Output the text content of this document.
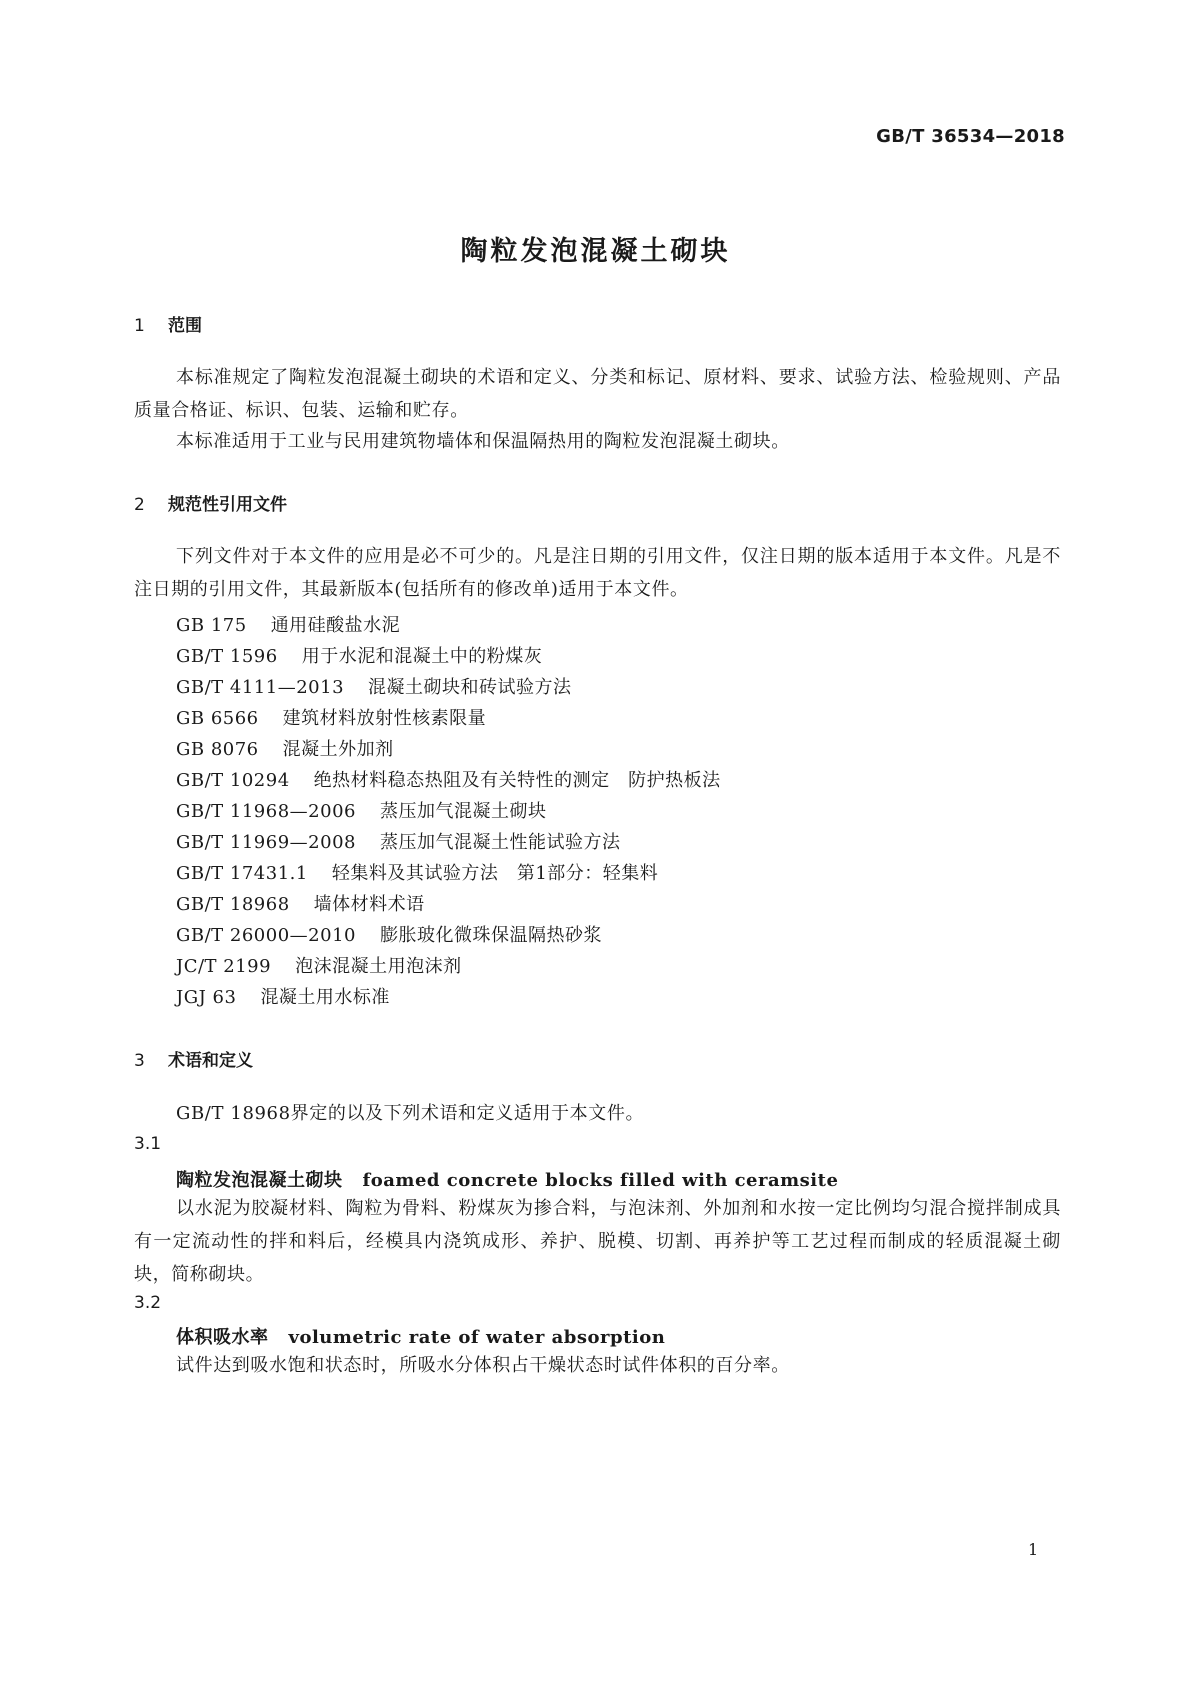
GB/T 36534—2018
陶粒发泡混凝土砌块
1 范围
本标准规定了陶粒发泡混凝土砌块的术语和定义、分类和标记、原材料、要求、试验方法、检验规则、产品质量合格证、标识、包装、运输和贮存。
本标准适用于工业与民用建筑物墙体和保温隔热用的陶粒发泡混凝土砌块。
2 规范性引用文件
下列文件对于本文件的应用是必不可少的。凡是注日期的引用文件，仅注日期的版本适用于本文件。凡是不注日期的引用文件，其最新版本(包括所有的修改单)适用于本文件。
GB 175 通用硅酸盐水泥
GB/T 1596 用于水泥和混凝土中的粉煤灰
GB/T 4111—2013 混凝土砌块和砖试验方法
GB 6566 建筑材料放射性核素限量
GB 8076 混凝土外加剂
GB/T 10294 绝热材料稳态热阻及有关特性的测定　防护热板法
GB/T 11968—2006 蒸压加气混凝土砌块
GB/T 11969—2008 蒸压加气混凝土性能试验方法
GB/T 17431.1 轻集料及其试验方法　第1部分：轻集料
GB/T 18968 墙体材料术语
GB/T 26000—2010 膨胀玻化微珠保温隔热砂浆
JC/T 2199 泡沫混凝土用泡沫剂
JGJ 63 混凝土用水标准
3 术语和定义
GB/T 18968界定的以及下列术语和定义适用于本文件。
3.1
陶粒发泡混凝土砌块 foamed concrete blocks filled with ceramsite
以水泥为胶凝材料、陶粒为骨料、粉煤灰为掺合料，与泡沫剂、外加剂和水按一定比例均匀混合搅拌制成具有一定流动性的拌和料后，经模具内浇筑成形、养护、脱模、切割、再养护等工艺过程而制成的轻质混凝土砌块，简称砌块。
3.2
体积吸水率 volumetric rate of water absorption
试件达到吸水饱和状态时，所吸水分体积占干燥状态时试件体积的百分率。
1
